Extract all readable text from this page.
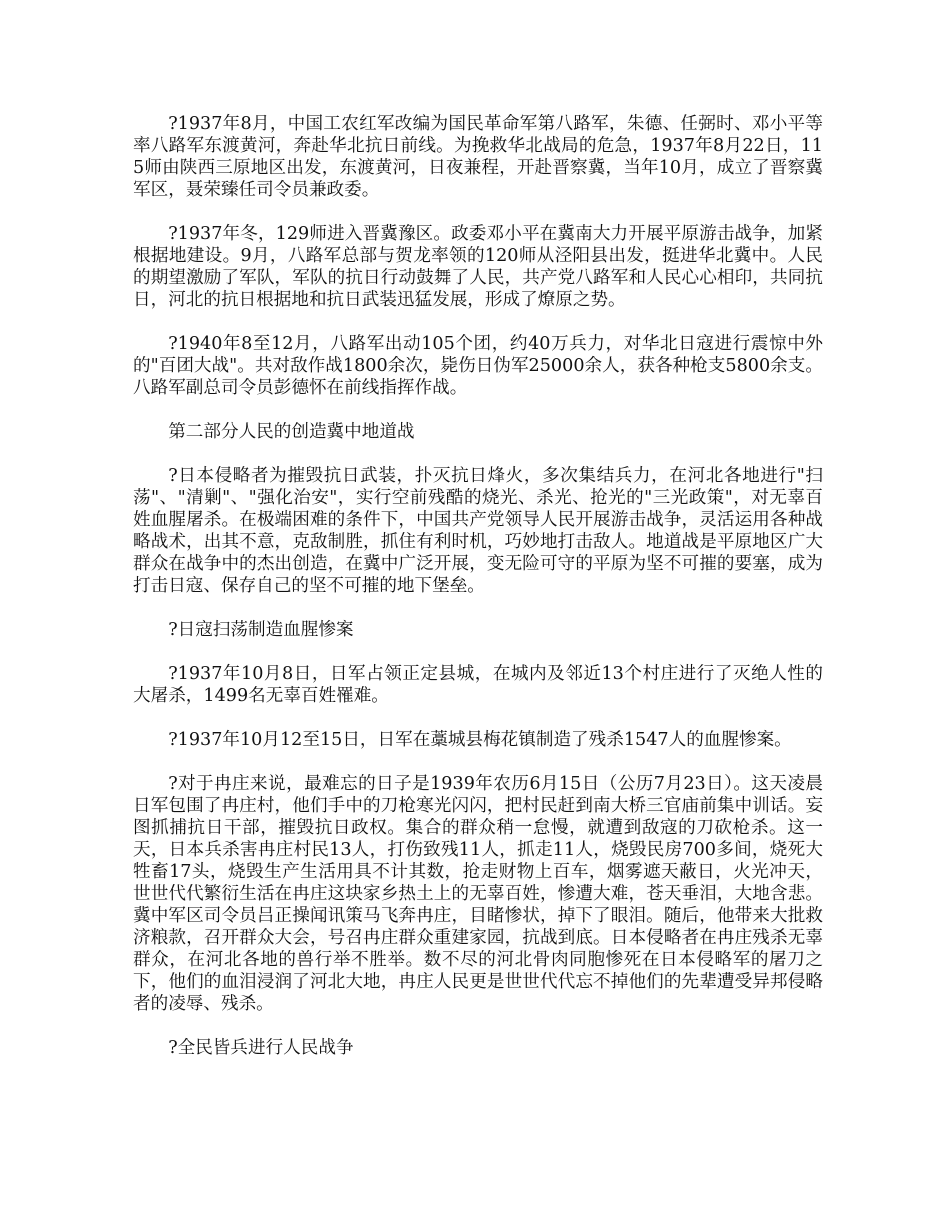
?1937年8月，中国工农红军改编为国民革命军第八路军，朱德、任弼时、邓小平等率八路军东渡黄河，奔赴华北抗日前线。为挽救华北战局的危急，1937年8月22日，115师由陕西三原地区出发，东渡黄河，日夜兼程，开赴晋察冀，当年10月，成立了晋察冀军区，聂荣臻任司令员兼政委。

?1937年冬，129师进入晋冀豫区。政委邓小平在冀南大力开展平原游击战争，加紧根据地建设。9月，八路军总部与贺龙率领的120师从泾阳县出发，挺进华北冀中。人民的期望激励了军队，军队的抗日行动鼓舞了人民，共产党八路军和人民心心相印，共同抗日，河北的抗日根据地和抗日武装迅猛发展，形成了燎原之势。

?1940年8至12月，八路军出动105个团，约40万兵力，对华北日寇进行震惊中外的"百团大战"。共对敌作战1800余次，毙伤日伪军25000余人，获各种枪支5800余支。八路军副总司令员彭德怀在前线指挥作战。

第二部分人民的创造冀中地道战

?日本侵略者为摧毁抗日武装，扑灭抗日烽火，多次集结兵力，在河北各地进行"扫荡"、"清剿"、"强化治安"，实行空前残酷的烧光、杀光、抢光的"三光政策"，对无辜百姓血腥屠杀。在极端困难的条件下，中国共产党领导人民开展游击战争，灵活运用各种战略战术，出其不意，克敌制胜，抓住有利时机，巧妙地打击敌人。地道战是平原地区广大群众在战争中的杰出创造，在冀中广泛开展，变无险可守的平原为坚不可摧的要塞，成为打击日寇、保存自己的坚不可摧的地下堡垒。

?日寇扫荡制造血腥惨案

?1937年10月8日，日军占领正定县城，在城内及邻近13个村庄进行了灭绝人性的大屠杀，1499名无辜百姓罹难。

?1937年10月12至15日，日军在藁城县梅花镇制造了残杀1547人的血腥惨案。

?对于冉庄来说，最难忘的日子是1939年农历6月15日（公历7月23日）。这天凌晨日军包围了冉庄村，他们手中的刀枪寒光闪闪，把村民赶到南大桥三官庙前集中训话。妄图抓捕抗日干部，摧毁抗日政权。集合的群众稍一怠慢，就遭到敌寇的刀砍枪杀。这一天，日本兵杀害冉庄村民13人，打伤致残11人，抓走11人，烧毁民房700多间，烧死大牲畜17头，烧毁生产生活用具不计其数，抢走财物上百车，烟雾遮天蔽日，火光冲天，世世代代繁衍生活在冉庄这块家乡热土上的无辜百姓，惨遭大难，苍天垂泪，大地含悲。冀中军区司令员吕正操闻讯策马飞奔冉庄，目睹惨状，掉下了眼泪。随后，他带来大批救济粮款，召开群众大会，号召冉庄群众重建家园，抗战到底。日本侵略者在冉庄残杀无辜群众，在河北各地的兽行举不胜举。数不尽的河北骨肉同胞惨死在日本侵略军的屠刀之下，他们的血泪浸润了河北大地，冉庄人民更是世世代代忘不掉他们的先辈遭受异邦侵略者的凌辱、残杀。

?全民皆兵进行人民战争
